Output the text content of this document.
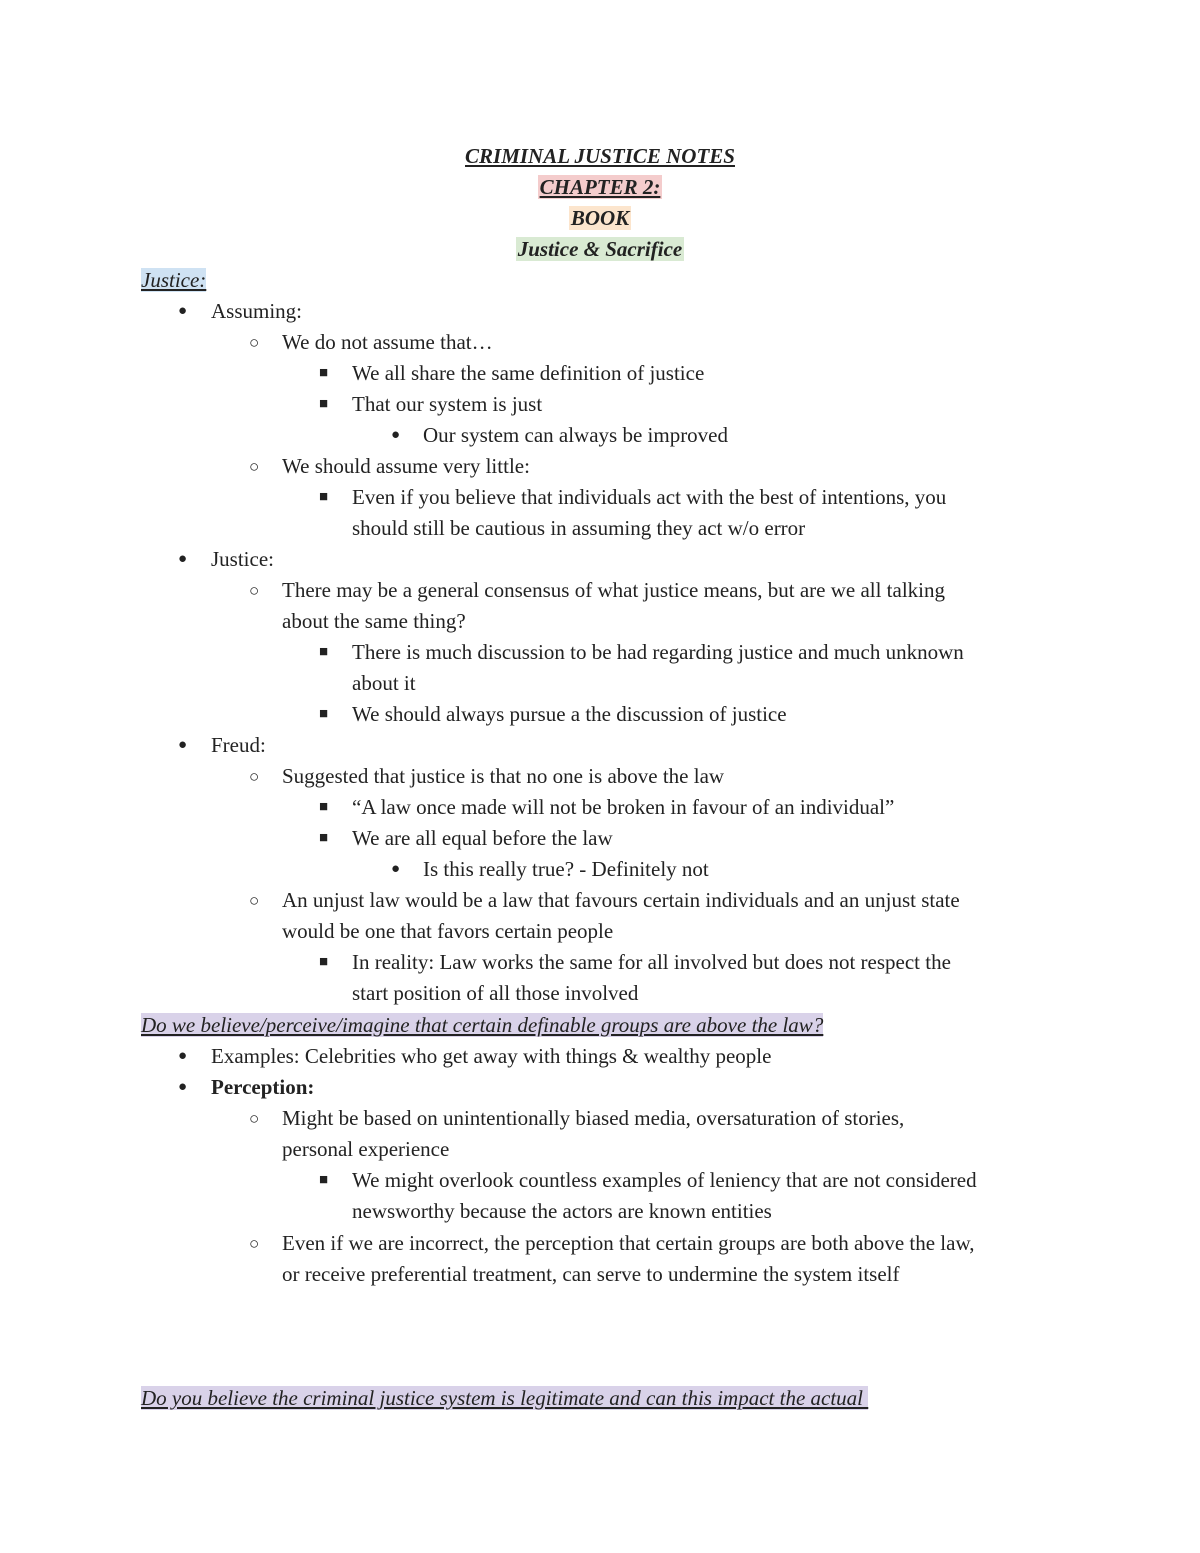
CRIMINAL JUSTICE NOTES
CHAPTER 2:
BOOK
Justice & Sacrifice
Justice:
● Assuming:
○ We do not assume that…
■ We all share the same definition of justice
■ That our system is just
● Our system can always be improved
○ We should assume very little:
■ Even if you believe that individuals act with the best of intentions, you
should still be cautious in assuming they act w/o error
● Justice:
○ There may be a general consensus of what justice means, but are we all talking
about the same thing?
■ There is much discussion to be had regarding justice and much unknown
about it
■ We should always pursue a the discussion of justice
● Freud:
○ Suggested that justice is that no one is above the law
■ “A law once made will not be broken in favour of an individual”
■ We are all equal before the law
● Is this really true? - Definitely not
○ An unjust law would be a law that favours certain individuals and an unjust state
would be one that favors certain people
■ In reality: Law works the same for all involved but does not respect the
start position of all those involved
Do we believe/perceive/imagine that certain definable groups are above the law?
● Examples: Celebrities who get away with things & wealthy people
● Perception:
○ Might be based on unintentionally biased media, oversaturation of stories,
personal experience
■ We might overlook countless examples of leniency that are not considered
newsworthy because the actors are known entities
○ Even if we are incorrect, the perception that certain groups are both above the law,
or receive preferential treatment, can serve to undermine the system itself
Do you believe the criminal justice system is legitimate and can this impact the actual
